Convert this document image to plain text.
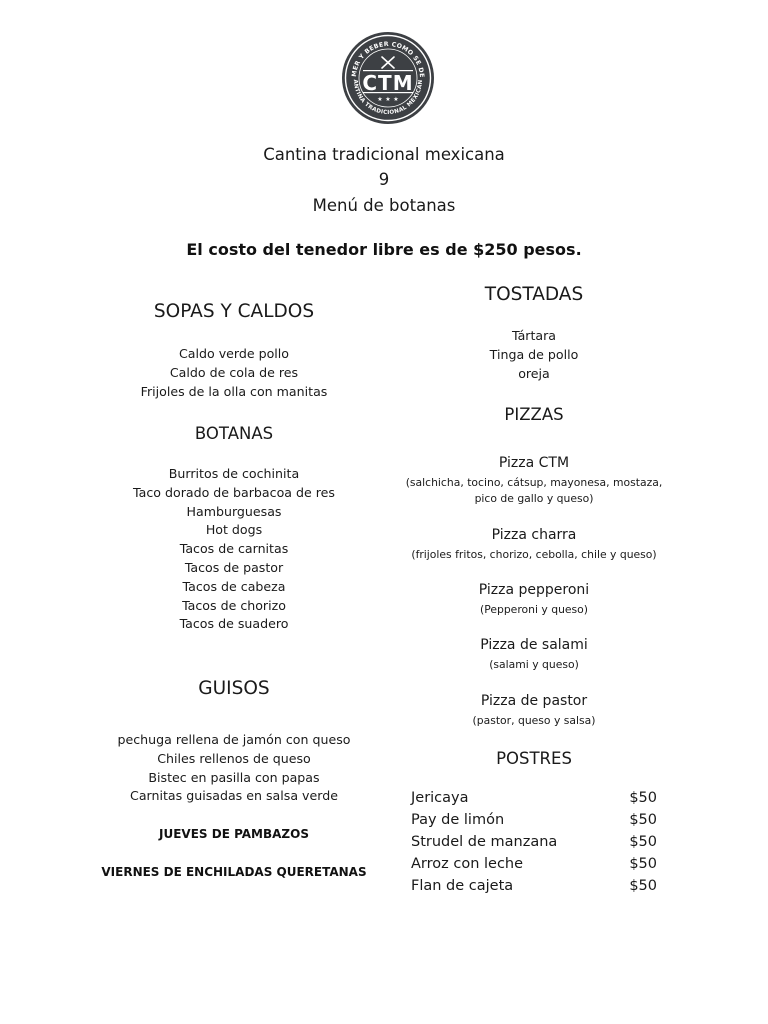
MER Y BEBER COMO SE DE
ANTINA TRADICIONAL MEXICAN
CTM
★ ★ ★
Cantina tradicional mexicana
9
Menú de botanas
El costo del tenedor libre es de $250 pesos.
SOPAS Y CALDOS
Caldo verde pollo
Caldo de cola de res
Frijoles de la olla con manitas
BOTANAS
Burritos de cochinita
Taco dorado de barbacoa de res
Hamburguesas
Hot dogs
Tacos de carnitas
Tacos de pastor
Tacos de cabeza
Tacos de chorizo
Tacos de suadero
GUISOS
pechuga rellena de jamón con queso
Chiles rellenos de queso
Bistec en pasilla con papas
Carnitas guisadas en salsa verde
JUEVES DE PAMBAZOS
VIERNES DE ENCHILADAS QUERETANAS
TOSTADAS
Tártara
Tinga de pollo
oreja
PIZZAS
Pizza CTM
(salchicha, tocino, cátsup, mayonesa, mostaza,
pico de gallo y queso)
Pizza charra
(frijoles fritos, chorizo, cebolla, chile y queso)
Pizza pepperoni
(Pepperoni y queso)
Pizza de salami
(salami y queso)
Pizza de pastor
(pastor, queso y salsa)
POSTRES
Jericaya	$50
Pay de limón	$50
Strudel de manzana	$50
Arroz con leche	$50
Flan de cajeta	$50
